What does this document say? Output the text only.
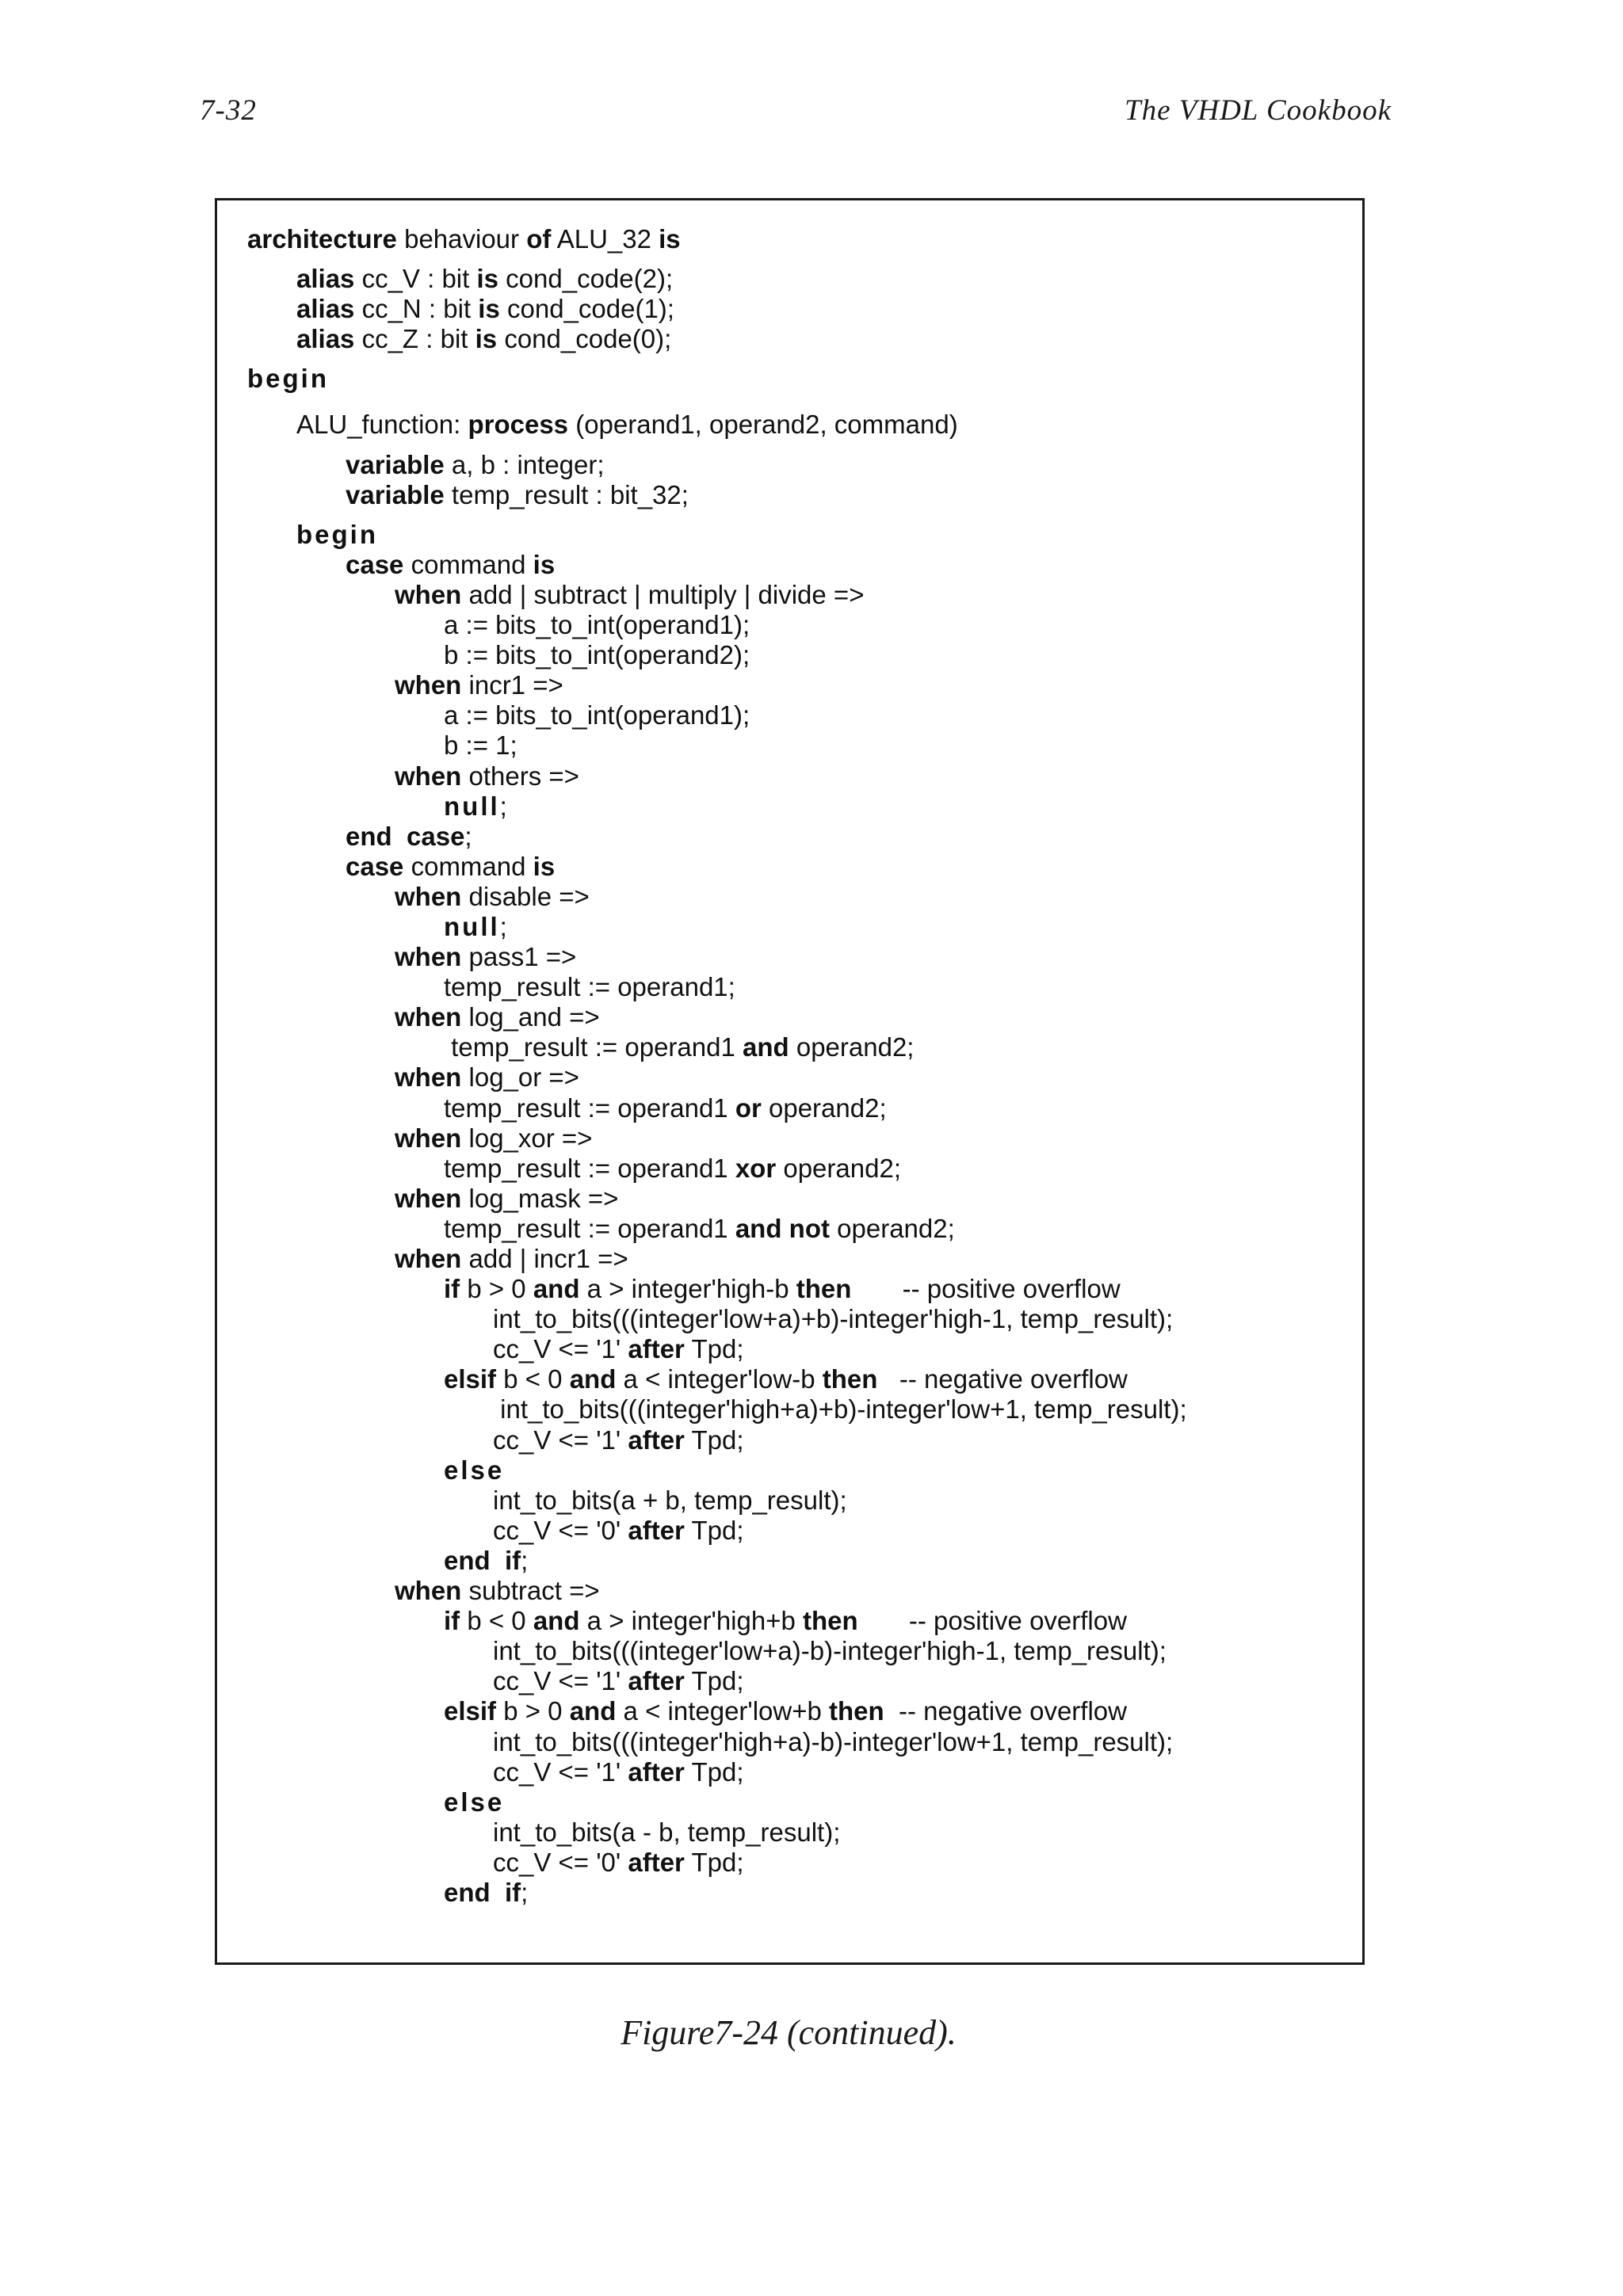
7-32	The VHDL Cookbook
architecture behaviour of ALU_32 is
alias cc_V : bit is cond_code(2);
alias cc_N : bit is cond_code(1);
alias cc_Z : bit is cond_code(0);
begin
ALU_function: process (operand1, operand2, command)
variable a, b : integer;
variable temp_result : bit_32;
begin
case command is
when add | subtract | multiply | divide =>
a := bits_to_int(operand1);
b := bits_to_int(operand2);
when incr1 =>
a := bits_to_int(operand1);
b := 1;
when others =>
null;
end  case;
case command is
when disable =>
null;
when pass1 =>
temp_result := operand1;
when log_and =>
temp_result := operand1 and operand2;
when log_or =>
temp_result := operand1 or operand2;
when log_xor =>
temp_result := operand1 xor operand2;
when log_mask =>
temp_result := operand1 and not operand2;
when add | incr1 =>
if b > 0 and a > integer'high-b then       -- positive overflow
int_to_bits(((integer'low+a)+b)-integer'high-1, temp_result);
cc_V <= '1' after Tpd;
elsif b < 0 and a < integer'low-b then   -- negative overflow
int_to_bits(((integer'high+a)+b)-integer'low+1, temp_result);
cc_V <= '1' after Tpd;
else
int_to_bits(a + b, temp_result);
cc_V <= '0' after Tpd;
end  if;
when subtract =>
if b < 0 and a > integer'high+b then       -- positive overflow
int_to_bits(((integer'low+a)-b)-integer'high-1, temp_result);
cc_V <= '1' after Tpd;
elsif b > 0 and a < integer'low+b then  -- negative overflow
int_to_bits(((integer'high+a)-b)-integer'low+1, temp_result);
cc_V <= '1' after Tpd;
else
int_to_bits(a - b, temp_result);
cc_V <= '0' after Tpd;
end  if;
Figure7-24 (continued).
